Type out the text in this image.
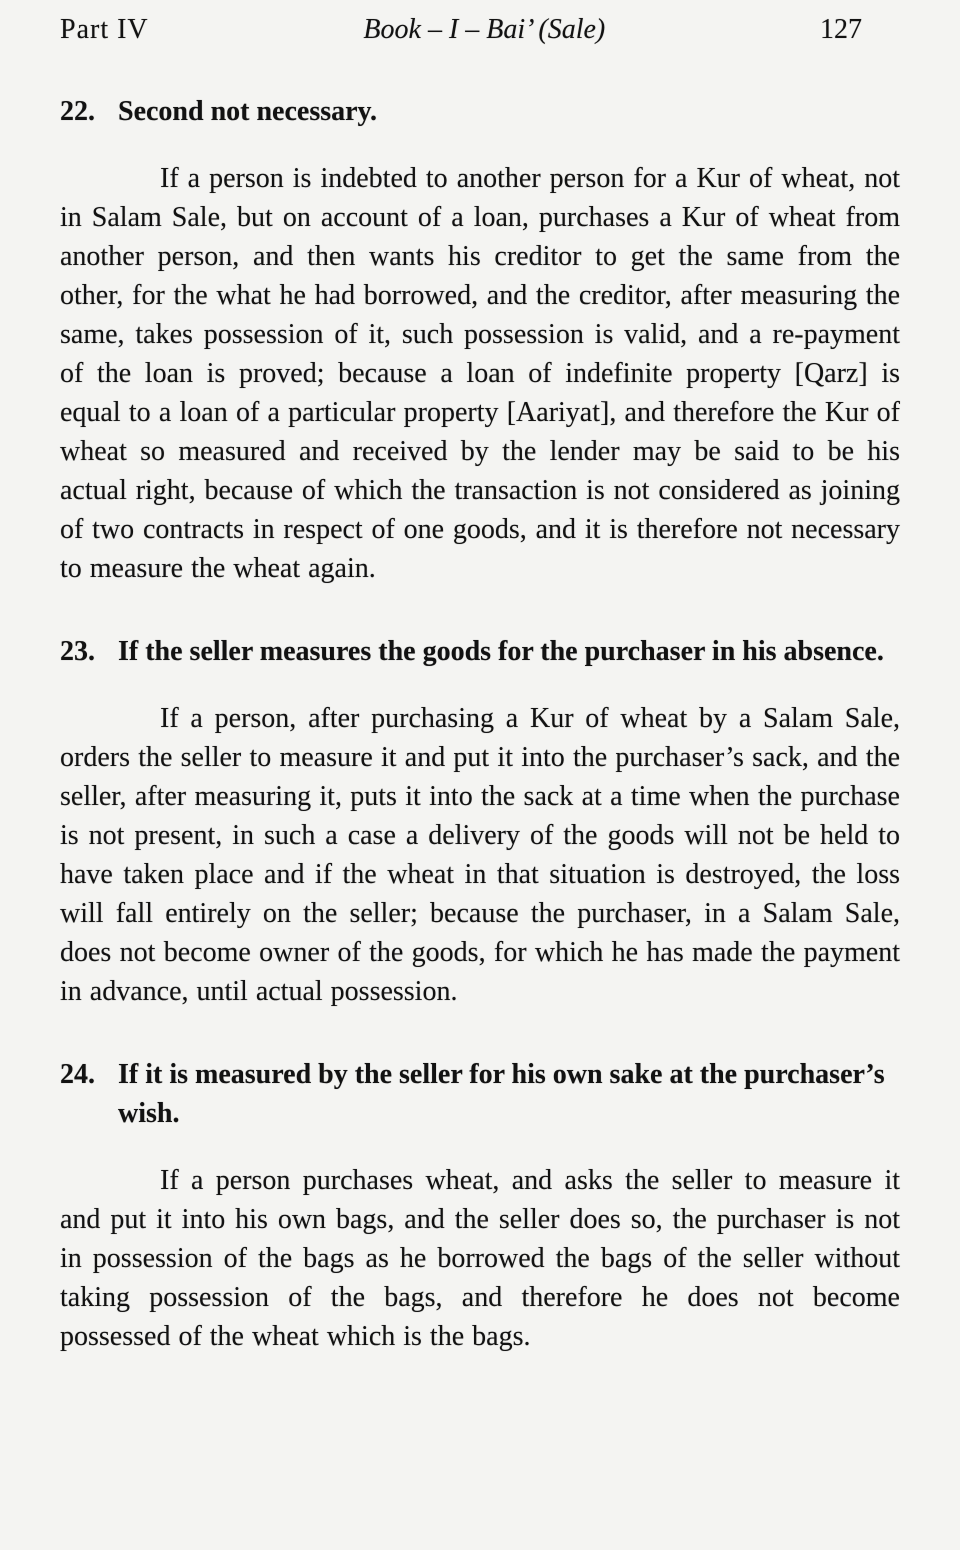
Part IV	Book – I – Bai’ (Sale)	127
22. Second not necessary.

If a person is indebted to another person for a Kur of wheat, not in Salam Sale, but on account of a loan, purchases a Kur of wheat from another person, and then wants his creditor to get the same from the other, for the what he had borrowed, and the creditor, after measuring the same, takes possession of it, such possession is valid, and a re-payment of the loan is proved; because a loan of indefinite property [Qarz] is equal to a loan of a particular property [Aariyat], and therefore the Kur of wheat so measured and received by the lender may be said to be his actual right, because of which the transaction is not considered as joining of two contracts in respect of one goods, and it is therefore not necessary to measure the wheat again.

23. If the seller measures the goods for the purchaser in his absence.

If a person, after purchasing a Kur of wheat by a Salam Sale, orders the seller to measure it and put it into the purchaser’s sack, and the seller, after measuring it, puts it into the sack at a time when the purchase is not present, in such a case a delivery of the goods will not be held to have taken place and if the wheat in that situation is destroyed, the loss will fall entirely on the seller; because the purchaser, in a Salam Sale, does not become owner of the goods, for which he has made the payment in advance, until actual possession.

24. If it is measured by the seller for his own sake at the purchaser’s wish.

If a person purchases wheat, and asks the seller to measure it and put it into his own bags, and the seller does so, the purchaser is not in possession of the bags as he borrowed the bags of the seller without taking possession of the bags, and therefore he does not become possessed of the wheat which is the bags.
